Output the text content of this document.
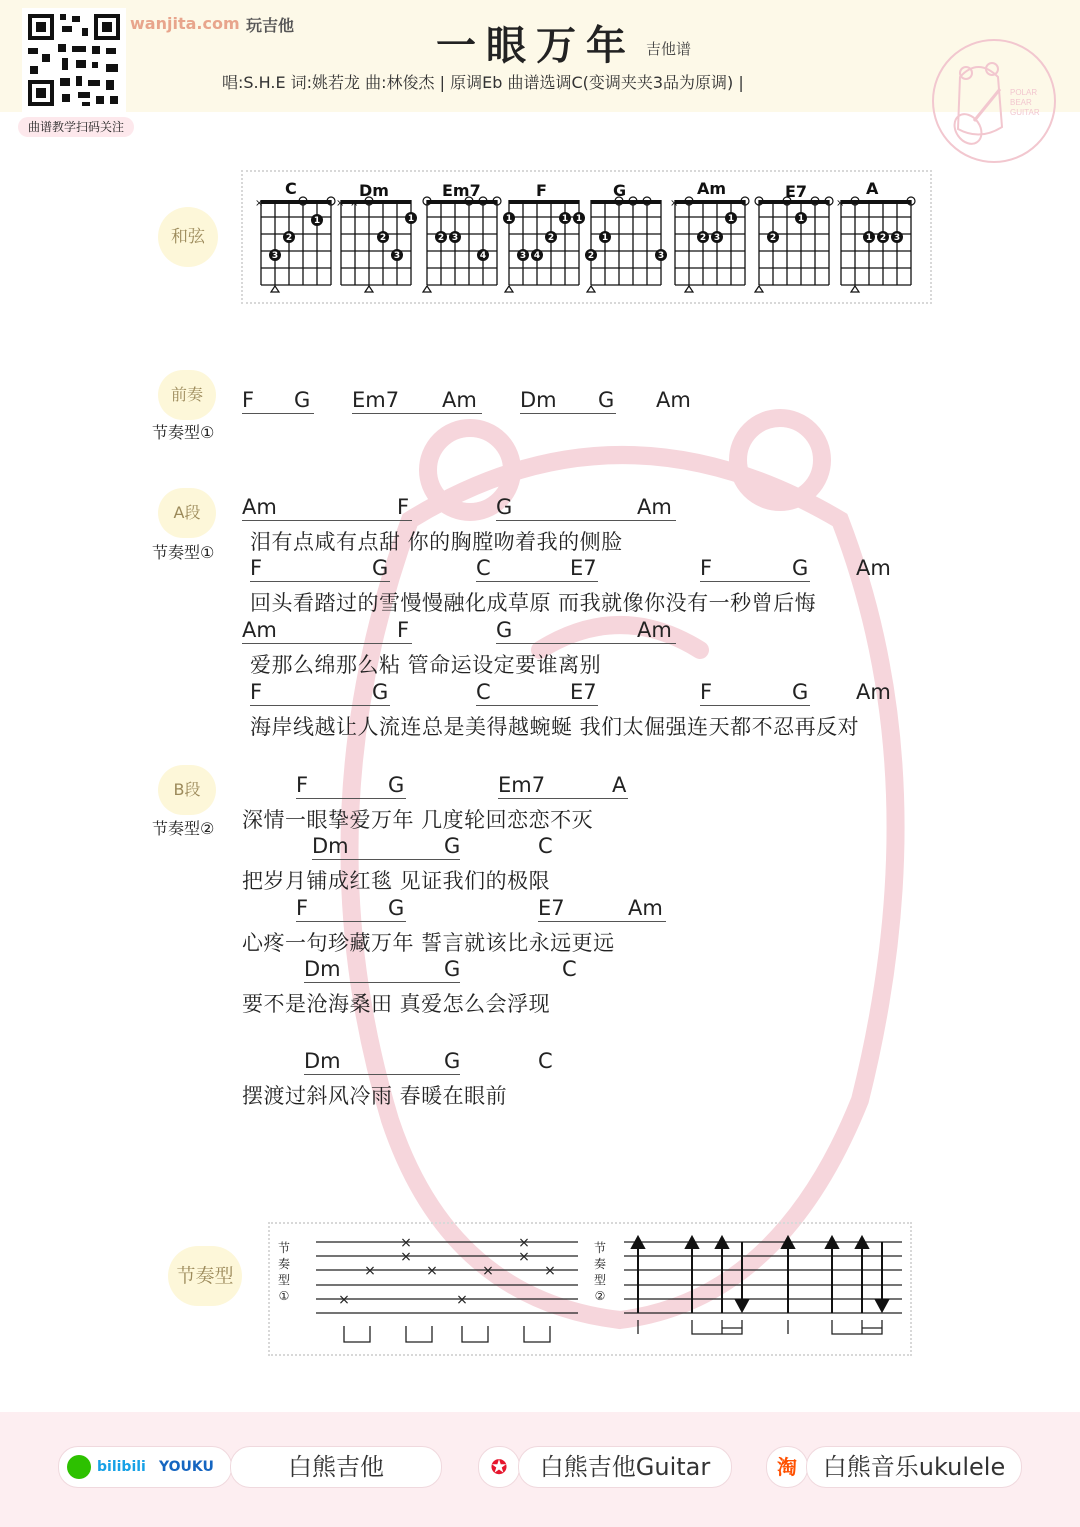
曲谱教学扫码关注
wanjita.com 玩吉他	一眼万年 吉他谱
唱:S.H.E 词:姚若龙 曲:林俊杰 | 原调Eb 曲谱选调C(变调夹夹3品为原调) |
POLAR
BEAR
GUITAR
和弦
1
2
3
1
2
3
2 3
4
1	1 1
2
3 4
1
2	3
1
2 3
1
2	1 2 3
×	× ×	×	×
C	Dm	Em7	F	G	Am	E7	A
前奏
节奏型①
F G Em7 Am Dm G Am
A段
节奏型①
Am	F	G	Am
泪有点咸有点甜 你的胸膛吻着我的侧脸
F	G	C	E7	F	G Am
回头看踏过的雪慢慢融化成草原 而我就像你没有一秒曾后悔
Am	F	G	Am
爱那么绵那么粘 管命运设定要谁离别
F	G	C	E7	F	G Am
海岸线越让人流连总是美得越蜿蜒 我们太倔强连天都不忍再反对
B段
节奏型②
F	G	Em7	A
深情一眼挚爱万年 几度轮回恋恋不灭
Dm	G	C
把岁月铺成红毯 见证我们的极限
F	G	E7	Am
心疼一句珍藏万年 誓言就该比永远更远
Dm	G	C
要不是沧海桑田 真爱怎么会浮现
Dm	G	C
摆渡过斜风冷雨 春暖在眼前
节奏型
节
奏
型
①
节
奏
型
②
×
×
×
×
×
×
×
×
×
×
bilibili YOUKU	白熊吉他	✪	白熊吉他Guitar	淘	白熊音乐ukulele
